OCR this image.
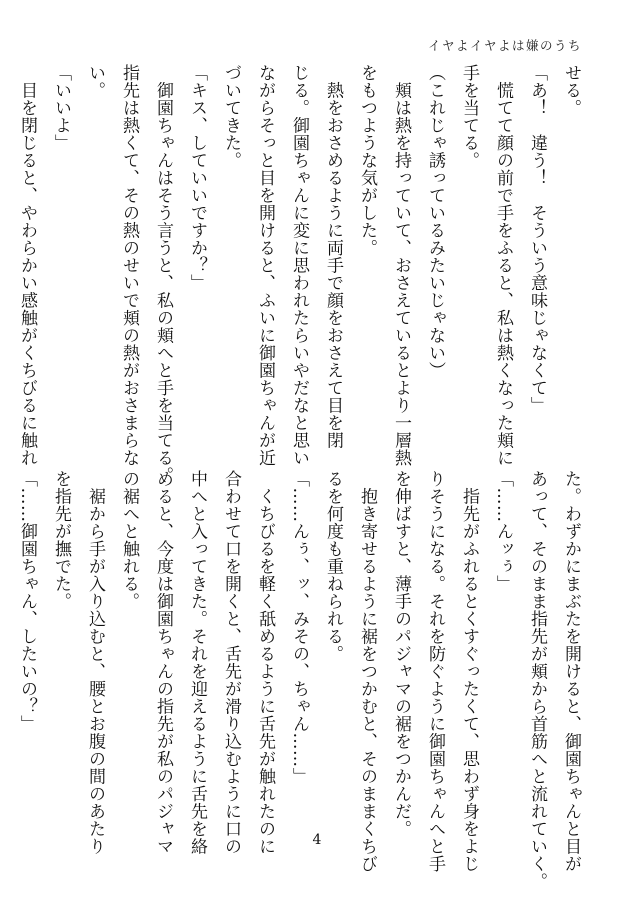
イヤよイヤよは嫌のうち

せる。

「あ！　違う！　そういう意味じゃなくて」

　慌てて顔の前で手をふると、私は熱くなった頬に

手を当てる。

（これじゃ誘っているみたいじゃない）

　頬は熱を持っていて、おさえているとより一層熱

をもつような気がした。

　熱をおさめるように両手で顔をおさえて目を閉

じる。御園ちゃんに変に思われたらいやだなと思い

ながらそっと目を開けると、ふいに御園ちゃんが近

づいてきた。

「キス、していいですか？」

　御園ちゃんはそう言うと、私の頬へと手を当てる。

指先は熱くて、その熱のせいで頬の熱がおさまらな

い。

「いいよ」

　目を閉じると、やわらかい感触がくちびるに触れ

た。わずかにまぶたを開けると、御園ちゃんと目が

あって、そのまま指先が頬から首筋へと流れていく。

「……んッぅ」

　指先がふれるとくすぐったくて、思わず身をよじ

りそうになる。それを防ぐように御園ちゃんへと手

を伸ばすと、薄手のパジャマの裾をつかんだ。

　抱き寄せるように裾をつかむと、そのままくちび

るを何度も重ねられる。

「……んぅ、ッ、みその、ちゃん……」

　くちびるを軽く舐めるように舌先が触れたのに

合わせて口を開くと、舌先が滑り込むように口の

中へと入ってきた。それを迎えるように舌先を絡

めると、今度は御園ちゃんの指先が私のパジャマ

の裾へと触れる。

　裾から手が入り込むと、腰とお腹の間のあたり

を指先が撫でた。

「……御園ちゃん、したいの？」

4
